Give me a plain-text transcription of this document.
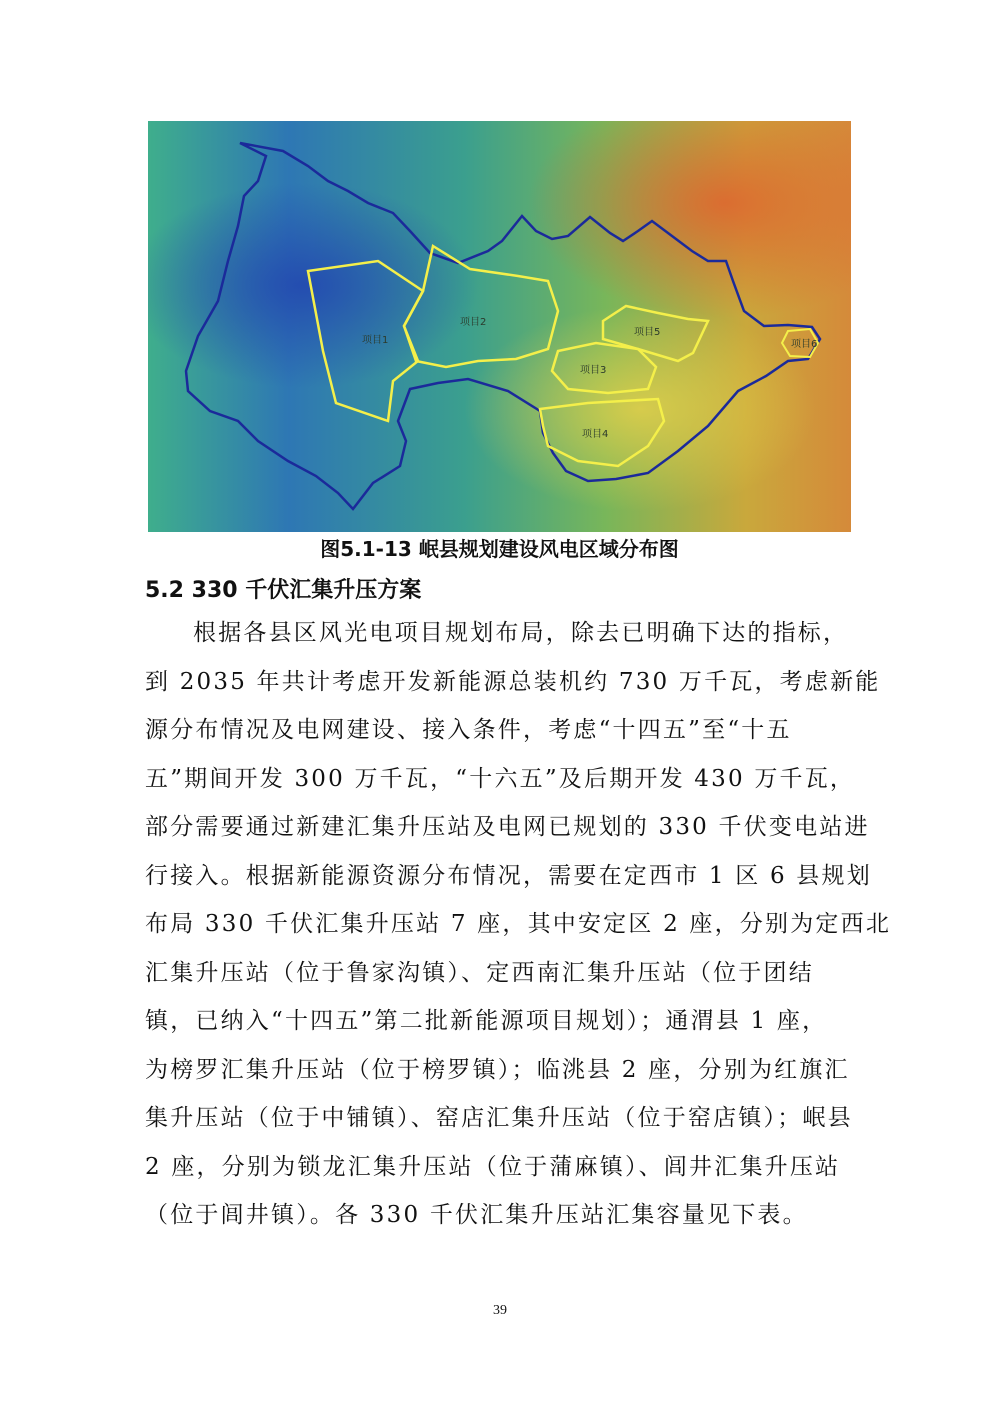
项目1
项目2
项目5
项目3
项目4
项目6
图5.1-13 岷县规划建设风电区域分布图
5.2 330 千伏汇集升压方案
根据各县区风光电项目规划布局，除去已明确下达的指标，
到 2035 年共计考虑开发新能源总装机约 730 万千瓦，考虑新能
源分布情况及电网建设、接入条件，考虑“十四五”至“十五
五”期间开发 300 万千瓦，“十六五”及后期开发 430 万千瓦，
部分需要通过新建汇集升压站及电网已规划的 330 千伏变电站进
行接入。根据新能源资源分布情况，需要在定西市 1 区 6 县规划
布局 330 千伏汇集升压站 7 座，其中安定区 2 座，分别为定西北
汇集升压站（位于鲁家沟镇）、定西南汇集升压站（位于团结
镇，已纳入“十四五”第二批新能源项目规划）；通渭县 1 座，
为榜罗汇集升压站（位于榜罗镇）；临洮县 2 座，分别为红旗汇
集升压站（位于中铺镇）、窑店汇集升压站（位于窑店镇）；岷县
2 座，分别为锁龙汇集升压站（位于蒲麻镇）、闾井汇集升压站
（位于闾井镇）。各 330 千伏汇集升压站汇集容量见下表。
39
